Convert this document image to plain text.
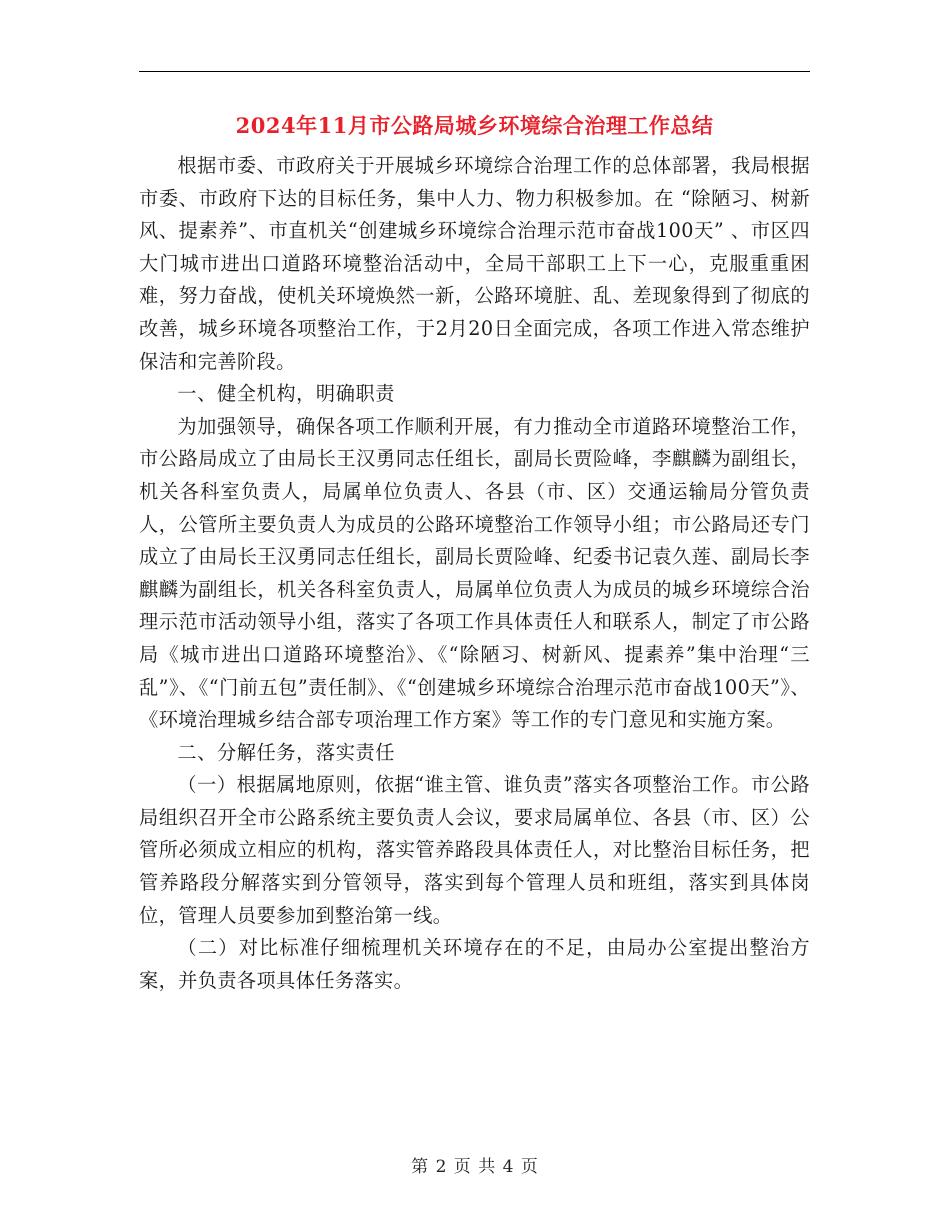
2024年11月市公路局城乡环境综合治理工作总结

根据市委、市政府关于开展城乡环境综合治理工作的总体部署，我局根据市委、市政府下达的目标任务，集中人力、物力积极参加。在 “除陋习、树新风、提素养”、市直机关“创建城乡环境综合治理示范市奋战100天” 、市区四大门城市进出口道路环境整治活动中，全局干部职工上下一心，克服重重困难，努力奋战，使机关环境焕然一新，公路环境脏、乱、差现象得到了彻底的改善，城乡环境各项整治工作，于2月20日全面完成，各项工作进入常态维护保洁和完善阶段。

一、健全机构，明确职责

为加强领导，确保各项工作顺利开展，有力推动全市道路环境整治工作，市公路局成立了由局长王汉勇同志任组长，副局长贾险峰，李麒麟为副组长，机关各科室负责人，局属单位负责人、各县（市、区）交通运输局分管负责人，公管所主要负责人为成员的公路环境整治工作领导小组；市公路局还专门成立了由局长王汉勇同志任组长，副局长贾险峰、纪委书记袁久莲、副局长李麒麟为副组长，机关各科室负责人，局属单位负责人为成员的城乡环境综合治理示范市活动领导小组，落实了各项工作具体责任人和联系人，制定了市公路局《城市进出口道路环境整治》、《“除陋习、树新风、提素养”集中治理“三乱”》、《“门前五包”责任制》、《“创建城乡环境综合治理示范市奋战100天”》、《环境治理城乡结合部专项治理工作方案》等工作的专门意见和实施方案。

二、分解任务，落实责任

（一）根据属地原则，依据“谁主管、谁负责”落实各项整治工作。市公路局组织召开全市公路系统主要负责人会议，要求局属单位、各县（市、区）公管所必须成立相应的机构，落实管养路段具体责任人，对比整治目标任务，把管养路段分解落实到分管领导，落实到每个管理人员和班组，落实到具体岗位，管理人员要参加到整治第一线。

（二）对比标准仔细梳理机关环境存在的不足，由局办公室提出整治方案，并负责各项具体任务落实。

第 2 页 共 4 页
